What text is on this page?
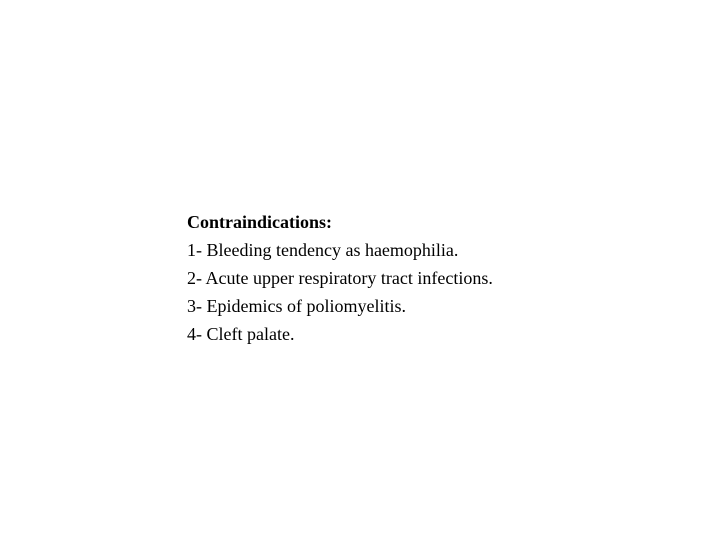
Contraindications:
1- Bleeding tendency as haemophilia.
2- Acute upper respiratory tract infections.
3- Epidemics of poliomyelitis.
4- Cleft palate.
